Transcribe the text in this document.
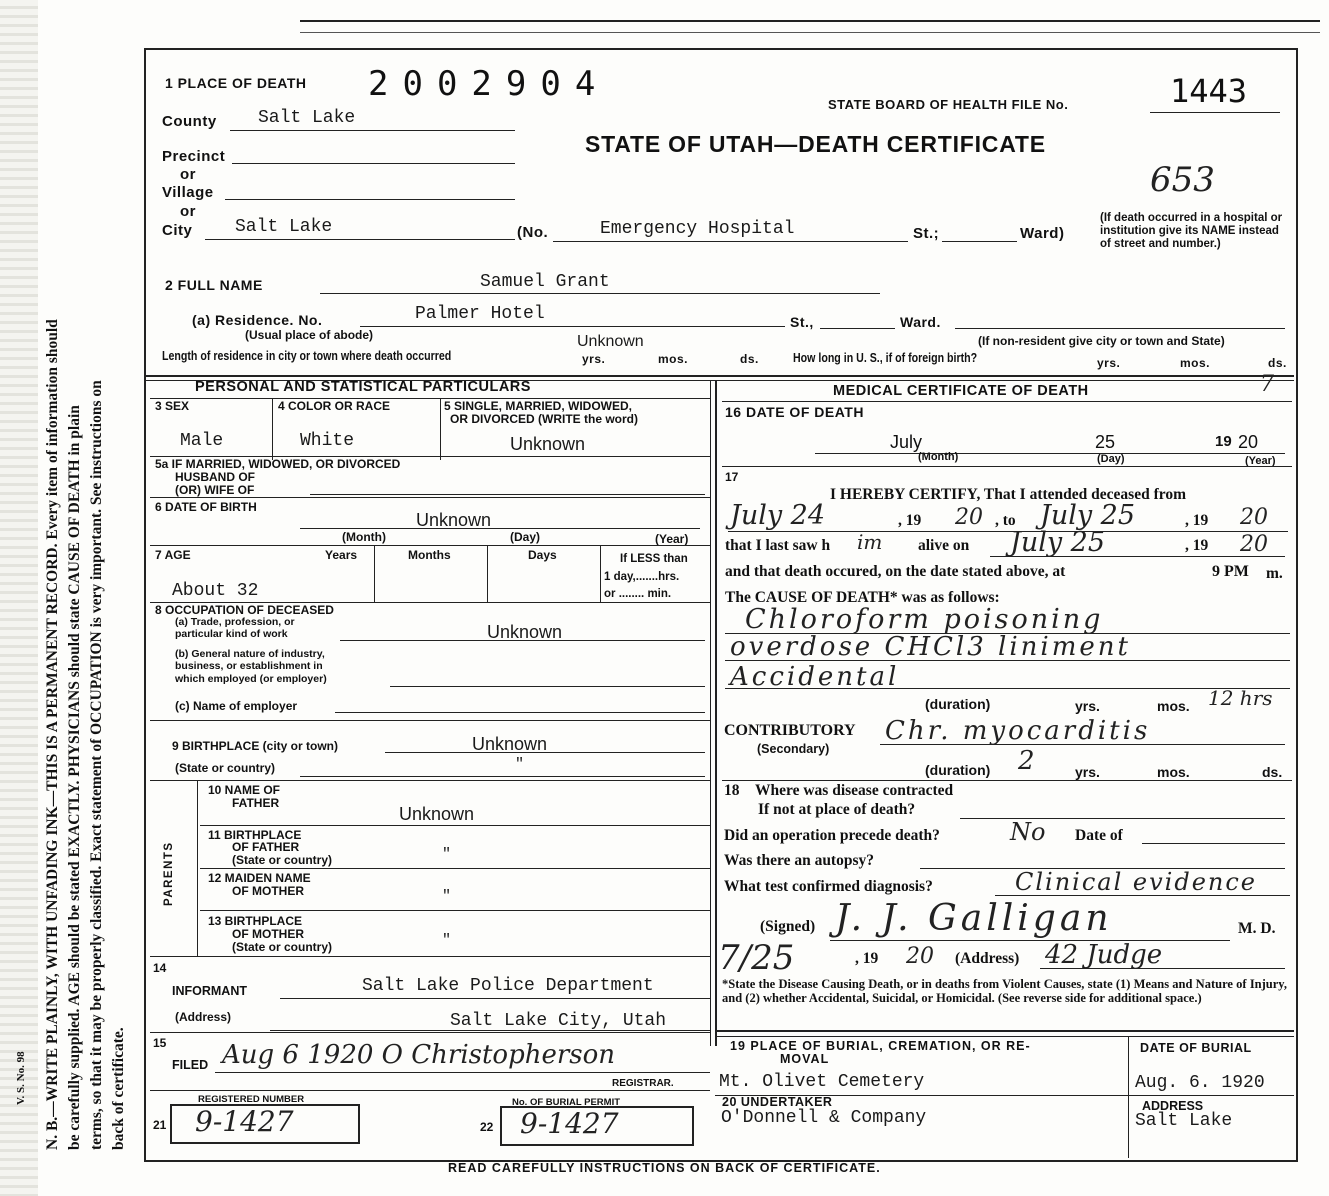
N. B.—WRITE PLAINLY, WITH UNFADING INK—THIS IS A PERMANENT RECORD. Every item of information should be carefully supplied. AGE should be stated EXACTLY. PHYSICIANS should state CAUSE OF DEATH in plain terms, so that it may be properly classified. Exact statement of OCCUPATION is very important. See instructions on back of certificate.
V. S. No. 98
1 PLACE OF DEATH 2002904
STATE BOARD OF HEALTH FILE No.	1443
STATE OF UTAH—DEATH CERTIFICATE
653
7
County Salt Lake
Precinct
or
Village
or
City Salt Lake	(No.	Emergency Hospital	St.;	Ward)
(If death occurred in a hospital or institution give its NAME instead of street and number.)
2 FULL NAME	Samuel Grant
(a) Residence. No.	Palmer Hotel
(Usual place of abode)
St.,	Ward.
(If non-resident give city or town and State)
Length of residence in city or town where death occurred
Unknown
yrs.	mos.	ds.	How long in U. S., if of foreign birth?	yrs.	mos.	ds.
PERSONAL AND STATISTICAL PARTICULARS	MEDICAL CERTIFICATE OF DEATH
3 SEX	4 COLOR OR RACE	5 SINGLE, MARRIED, WIDOWED,
OR DIVORCED (WRITE the word)
Male	White	Unknown
5a IF MARRIED, WIDOWED, OR DIVORCED
HUSBAND OF
(OR) WIFE OF
6 DATE OF BIRTH
Unknown
(Month)	(Day)	(Year)
7 AGE	Years	Months	Days	If LESS than
1 day,.......hrs.
or ........ min.
About 32
8 OCCUPATION OF DECEASED
(a) Trade, profession, or
particular kind of work	Unknown
(b) General nature of industry,
business, or establishment in
which employed (or employer)
(c) Name of employer
9 BIRTHPLACE (city or town)	Unknown
(State or country)	"
PARENTS
10 NAME OF
FATHER
Unknown
11 BIRTHPLACE
OF FATHER
(State or country)	"
12 MAIDEN NAME
OF MOTHER	"
13 BIRTHPLACE
OF MOTHER
(State or country)	"
14
INFORMANT	Salt Lake Police Department
(Address)	Salt Lake City, Utah
15
FILED Aug 6 1920 O Christopherson
REGISTRAR.
REGISTERED NUMBER	No. OF BURIAL PERMIT
21 9-1427	22 9-1427
16 DATE OF DEATH
July	25	19 20
(Month)	(Day)	(Year)
17
I HEREBY CERTIFY, That I attended deceased from
July 24	, 19 20 , to July 25	, 19 20
that I last saw h im alive on July 25	, 19 20
and that death occured, on the date stated above, at	9 PM m.
The CAUSE OF DEATH* was as follows:
Chloroform poisoning
overdose CHCl3 liniment
Accidental
(duration)	yrs.	mos. 12 hrs
CONTRIBUTORY
(Secondary)
Chr. myocarditis
(duration) 2	yrs.	mos.	ds.
18 Where was disease contracted
If not at place of death?
Did an operation precede death?	No Date of
Was there an autopsy?
What test confirmed diagnosis?	Clinical evidence
(Signed) J. J. Galligan	M. D.
7/25	, 19 20 (Address) 42 Judge
*State the Disease Causing Death, or in deaths from Violent Causes, state (1) Means and Nature of Injury, and (2) whether Accidental, Suicidal, or Homicidal. (See reverse side for additional space.)
19 PLACE OF BURIAL, CREMATION, OR RE-
MOVAL
DATE OF BURIAL
Mt. Olivet Cemetery	Aug. 6. 1920
20 UNDERTAKER	ADDRESS
O'Donnell & Company	Salt Lake
READ CAREFULLY INSTRUCTIONS ON BACK OF CERTIFICATE.
